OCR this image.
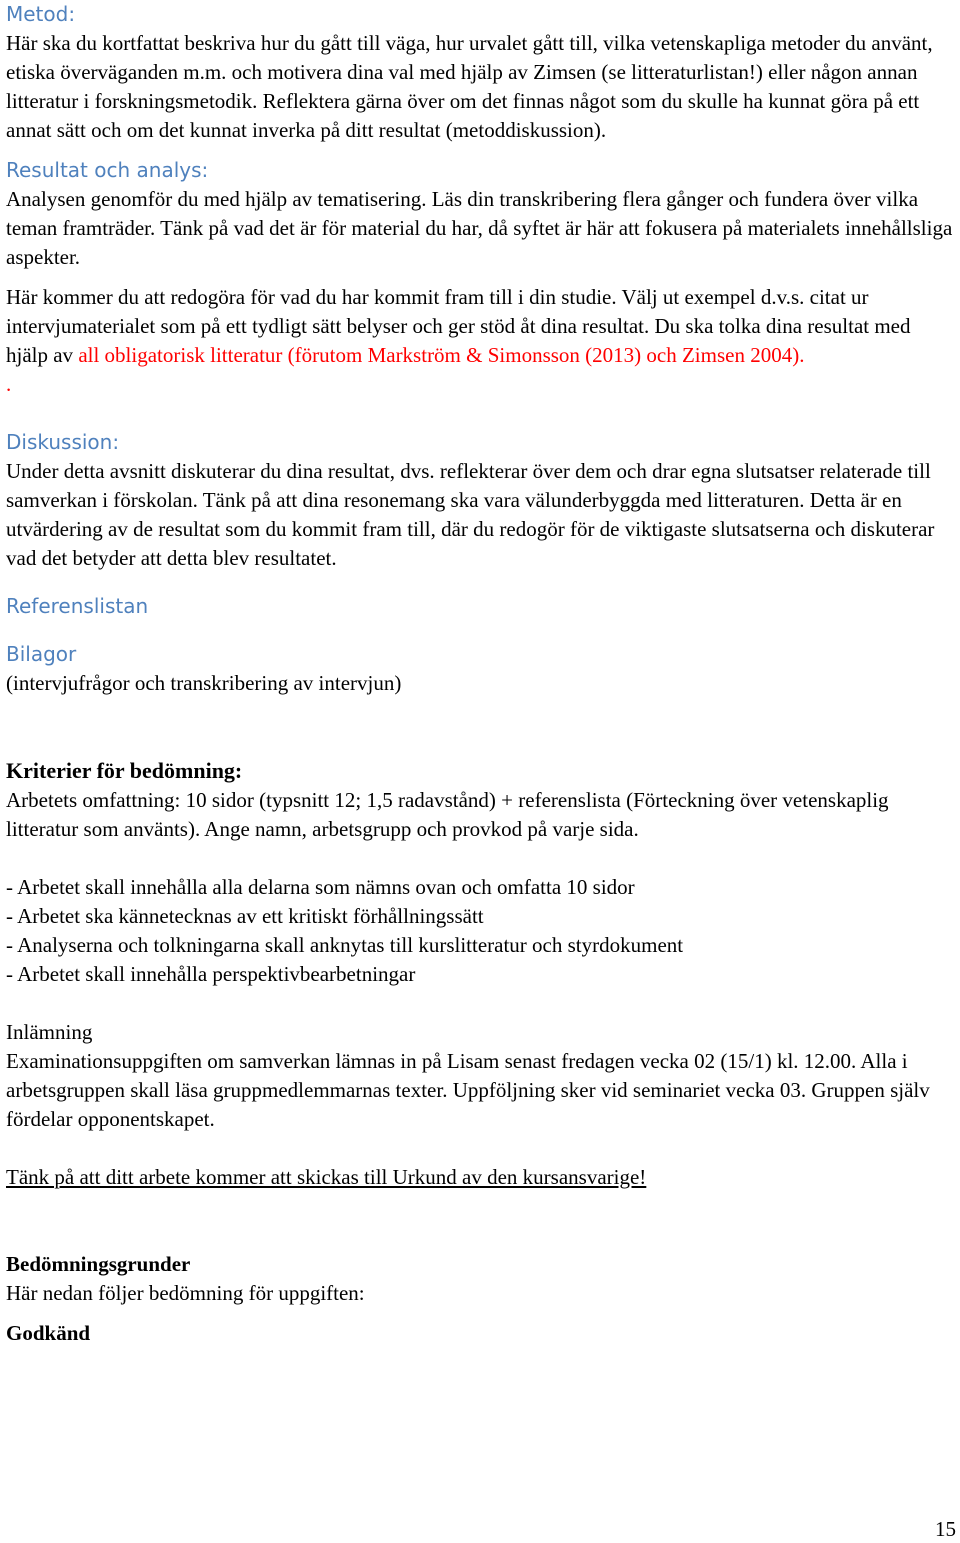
Metod:

Här ska du kortfattat beskriva hur du gått till väga, hur urvalet gått till, vilka vetenskapliga metoder du använt, etiska överväganden m.m. och motivera dina val med hjälp av Zimsen (se litteraturlistan!) eller någon annan litteratur i forskningsmetodik. Reflektera gärna över om det finnas något som du skulle ha kunnat göra på ett annat sätt och om det kunnat inverka på ditt resultat (metoddiskussion).

Resultat och analys:

Analysen genomför du med hjälp av tematisering. Läs din transkribering flera gånger och fundera över vilka teman framträder. Tänk på vad det är för material du har, då syftet är här att fokusera på materialets innehållsliga aspekter.

Här kommer du att redogöra för vad du har kommit fram till i din studie. Välj ut exempel d.v.s. citat ur intervjumaterialet som på ett tydligt sätt belyser och ger stöd åt dina resultat. Du ska tolka dina resultat med hjälp av all obligatorisk litteratur (förutom Markström & Simonsson (2013) och Zimsen 2004).

.

Diskussion:

Under detta avsnitt diskuterar du dina resultat, dvs. reflekterar över dem och drar egna slutsatser relaterade till samverkan i förskolan. Tänk på att dina resonemang ska vara välunderbyggda med litteraturen. Detta är en utvärdering av de resultat som du kommit fram till, där du redogör för de viktigaste slutsatserna och diskuterar vad det betyder att detta blev resultatet.

Referenslistan
Bilagor

(intervjufrågor och transkribering av intervjun)

Kriterier för bedömning:

Arbetets omfattning: 10 sidor (typsnitt 12; 1,5 radavstånd) + referenslista (Förteckning över vetenskaplig litteratur som använts). Ange namn, arbetsgrupp och provkod på varje sida.

- Arbetet skall innehålla alla delarna som nämns ovan och omfatta 10 sidor

- Arbetet ska kännetecknas av ett kritiskt förhållningssätt

- Analyserna och tolkningarna skall anknytas till kurslitteratur och styrdokument

- Arbetet skall innehålla perspektivbearbetningar

Inlämning

Examinationsuppgiften om samverkan lämnas in på Lisam senast fredagen vecka 02 (15/1) kl. 12.00. Alla i arbetsgruppen skall läsa gruppmedlemmarnas texter. Uppföljning sker vid seminariet vecka 03. Gruppen själv fördelar opponentskapet.

Tänk på att ditt arbete kommer att skickas till Urkund av den kursansvarige!

Bedömningsgrunder

Här nedan följer bedömning för uppgiften:

Godkänd

15
